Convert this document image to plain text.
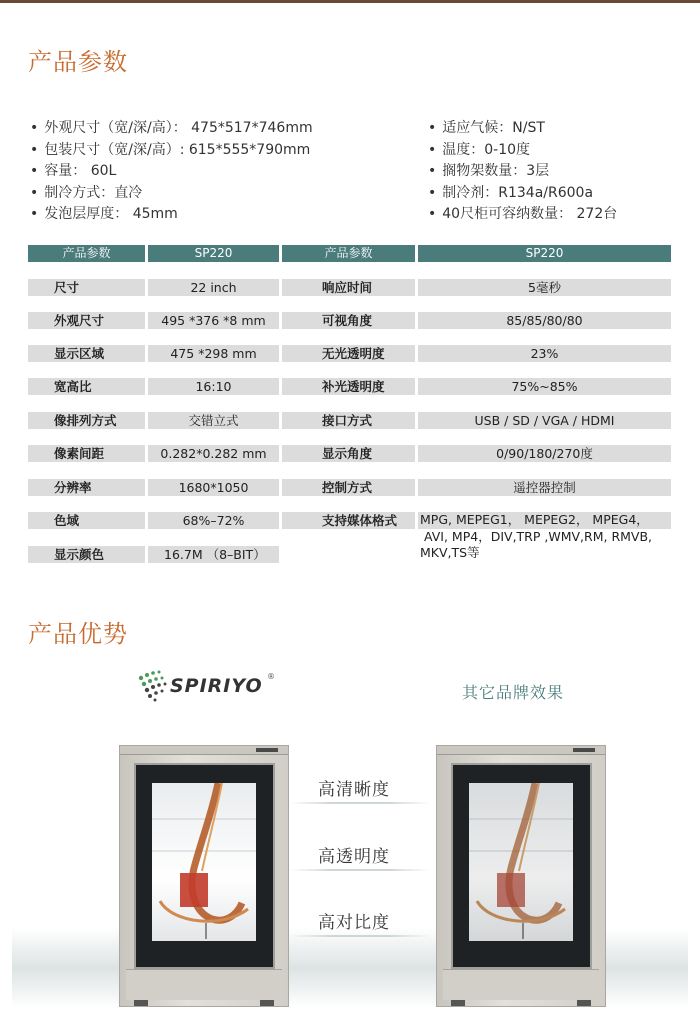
产品参数
• 外观尺寸（宽/深/高）： 475*517*746mm
• 包装尺寸（宽/深/高）: 615*555*790mm
• 容量： 60L
• 制冷方式：直冷
• 发泡层厚度： 45mm
• 适应气候：N/ST
• 温度：0-10度
• 搁物架数量：3层
• 制冷剂：R134a/R600a
• 40尺柜可容纳数量： 272台
产品参数	SP220	产品参数	SP220
尺寸	22 inch	响应时间	5毫秒
外观尺寸	495 *376 *8 mm	可视角度	85/85/80/80
显示区域	475 *298 mm	无光透明度	23%
宽高比	16:10	补光透明度	75%~85%
像排列方式	交错立式	接口方式	USB / SD / VGA / HDMI
像素间距	0.282*0.282 mm	显示角度	0/90/180/270度
分辨率	1680*1050	控制方式	遥控器控制
色域	68%–72%	支持媒体格式	MPG, MEPEG1， MEPEG2， MPEG4，
AVI, MP4，DIV,TRP ,WMV,RM, RMVB,
MKV,TS等
显示颜色	16.7M （8–BIT）
产品优势
SPIRIYO ®
其它品牌效果
高清晰度
高透明度
高对比度
